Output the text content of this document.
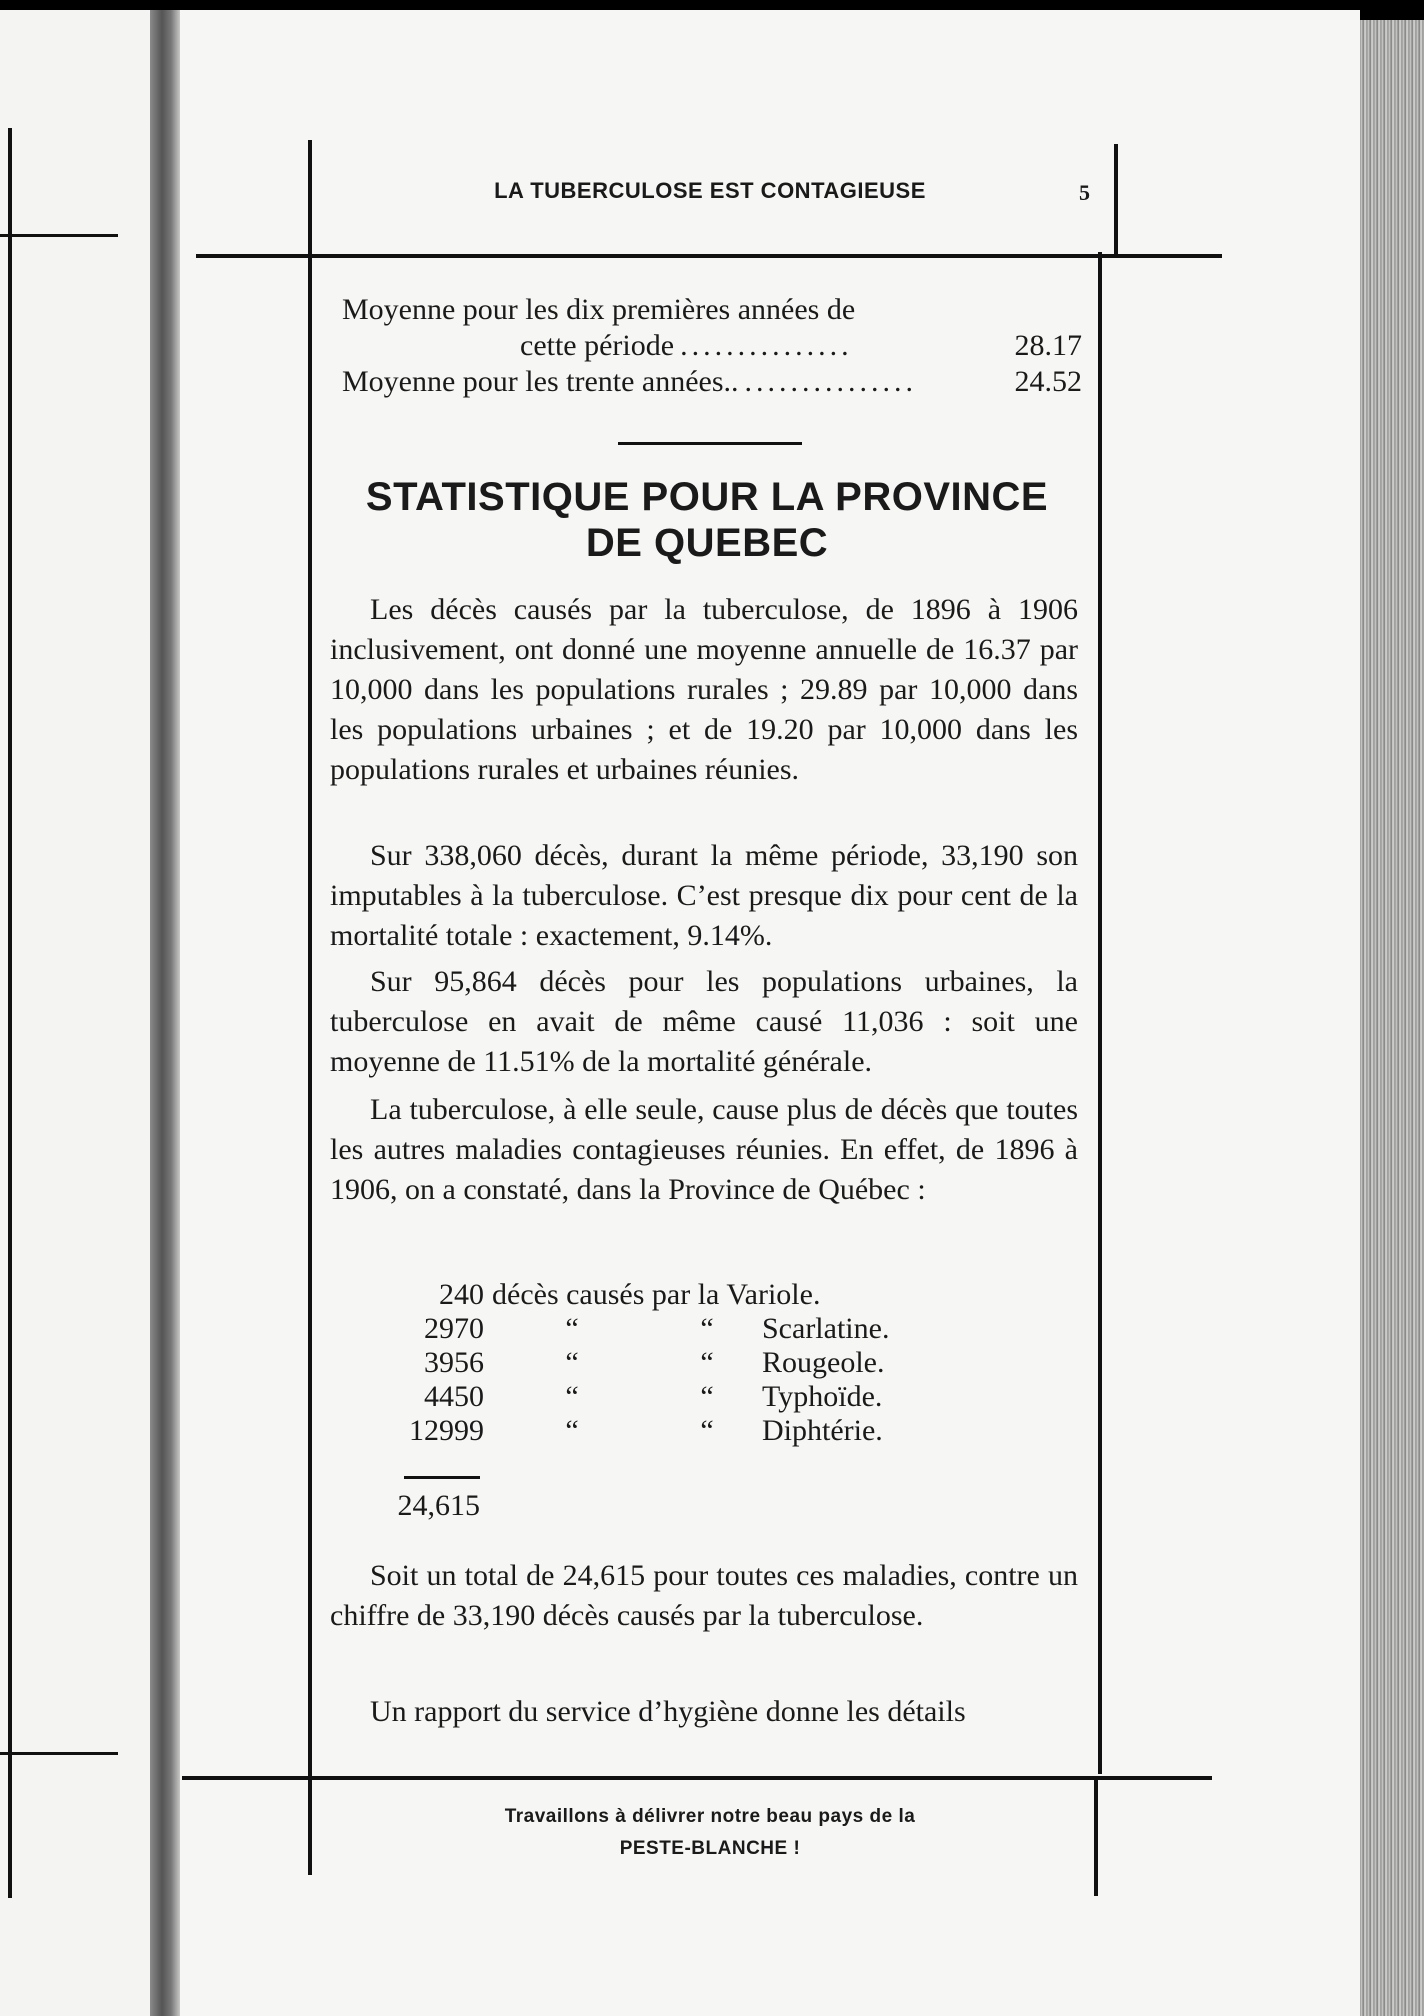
LA TUBERCULOSE EST CONTAGIEUSE	5
Moyenne pour les dix premières années de
cette période ...............	28.17
Moyenne pour les trente années.. ...............	24.52
STATISTIQUE POUR LA PROVINCE
DE QUEBEC
Les décès causés par la tuberculose, de 1896 à 1906 inclusivement, ont donné une moyenne annuelle de 16.37 par 10,000 dans les populations rurales ; 29.89 par 10,000 dans les populations urbaines ; et de 19.20 par 10,000 dans les populations rurales et urbaines réunies.
Sur 338,060 décès, durant la même période, 33,190 son imputables à la tuberculose. C’est presque dix pour cent de la mortalité totale : exactement, 9.14%.
Sur 95,864 décès pour les populations urbaines, la tuberculose en avait de même causé 11,036 : soit une moyenne de 11.51% de la mortalité générale.
La tuberculose, à elle seule, cause plus de décès que toutes les autres maladies contagieuses réunies. En effet, de 1896 à 1906, on a constaté, dans la Province de Québec :
240	décès causés par la Variole.		
2970	“	“	Scarlatine.
3956	“	“	Rougeole.
4450	“	“	Typhoïde.
12999	“	“	Diphtérie.
24,615
Soit un total de 24,615 pour toutes ces maladies, contre un chiffre de 33,190 décès causés par la tuberculose.
Un rapport du service d’hygiène donne les détails
Travaillons à délivrer notre beau pays de la
PESTE-BLANCHE !
